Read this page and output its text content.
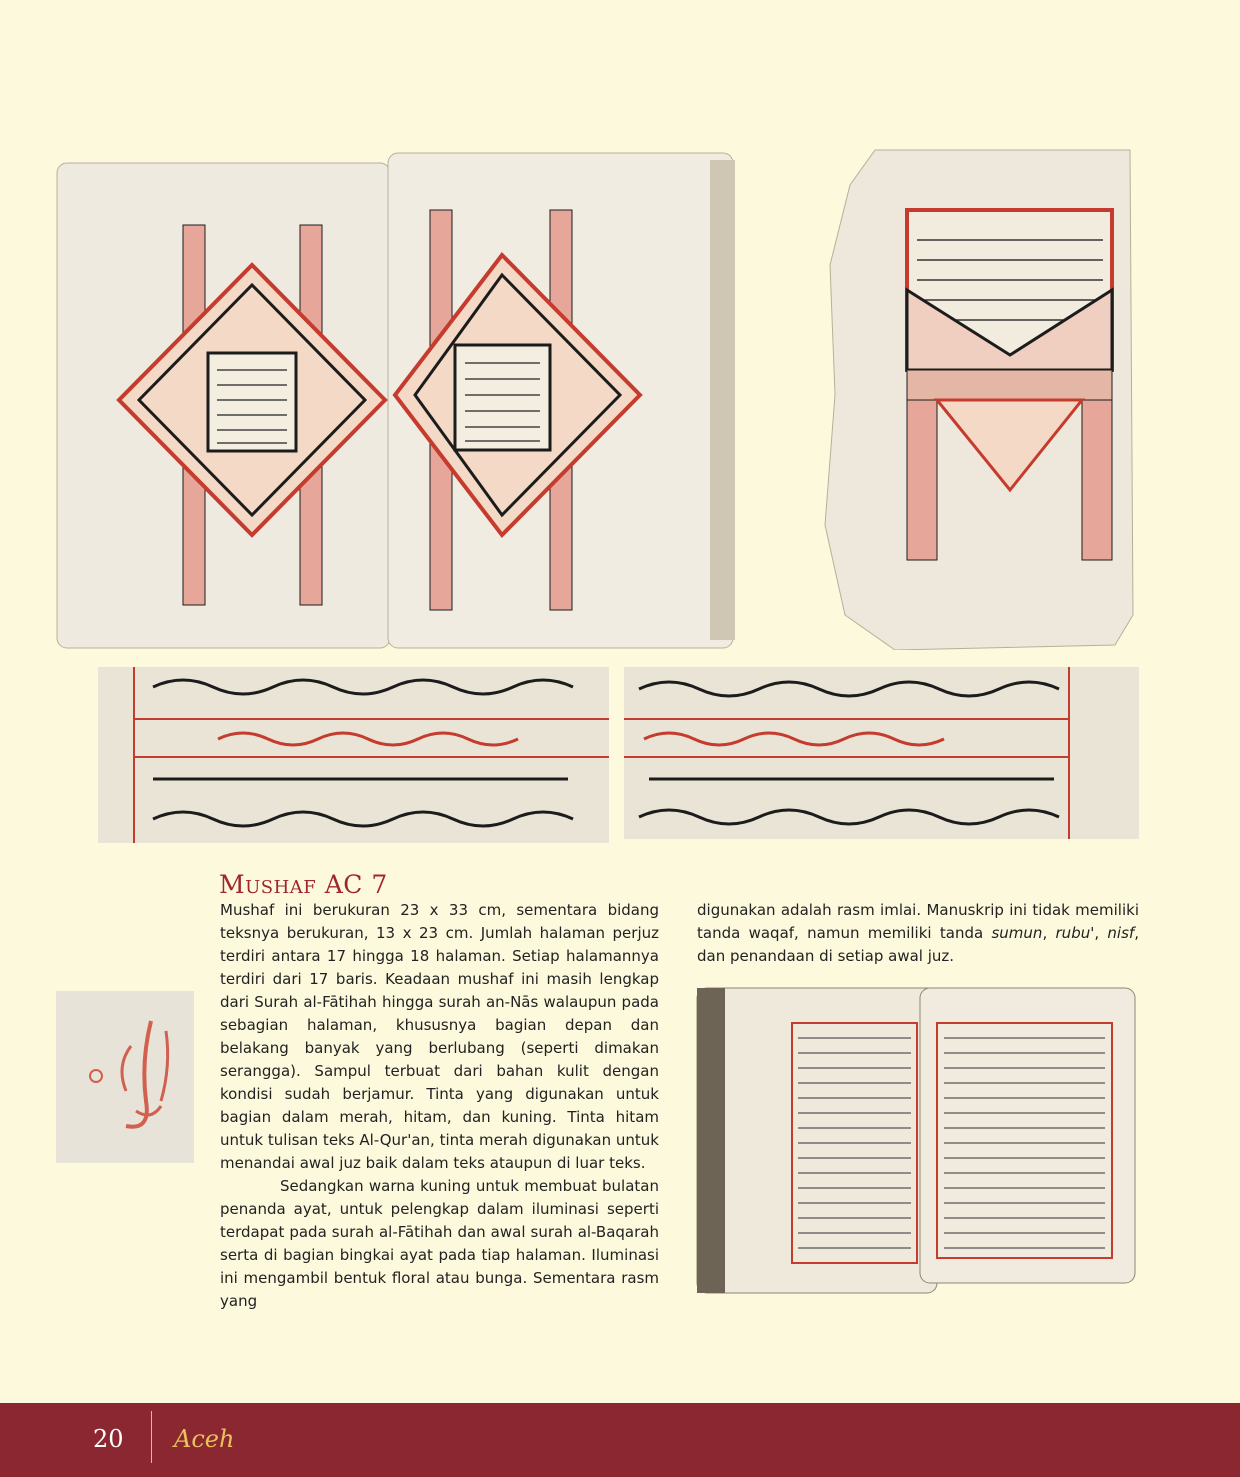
Mushaf AC 7

Mushaf ini berukuran 23 x 33 cm, sementara bidang teksnya berukuran, 13 x 23 cm. Jumlah halaman perjuz terdiri antara 17 hingga 18 halaman. Setiap halamannya terdiri dari 17 baris. Keadaan mushaf ini masih lengkap dari Surah al-Fātihah hingga surah an-Nās walaupun pada sebagian halaman, khususnya bagian depan dan belakang banyak yang berlubang (seperti dimakan serangga). Sampul terbuat dari bahan kulit dengan kondisi sudah berjamur. Tinta yang digunakan untuk bagian dalam merah, hitam, dan kuning. Tinta hitam untuk tulisan teks Al-Qur'an, tinta merah digunakan untuk menandai awal juz baik dalam teks ataupun di luar teks.

Sedangkan warna kuning untuk membuat bulatan penanda ayat, untuk pelengkap dalam iluminasi seperti terdapat pada surah al-Fātihah dan awal surah al-Baqarah serta di bagian bingkai ayat pada tiap halaman. Iluminasi ini mengambil bentuk floral atau bunga. Sementara rasm yang

digunakan adalah rasm imlai. Manuskrip ini tidak memiliki tanda waqaf, namun memiliki tanda sumun, rubu', nisf, dan penandaan di setiap awal juz.

20 Aceh
